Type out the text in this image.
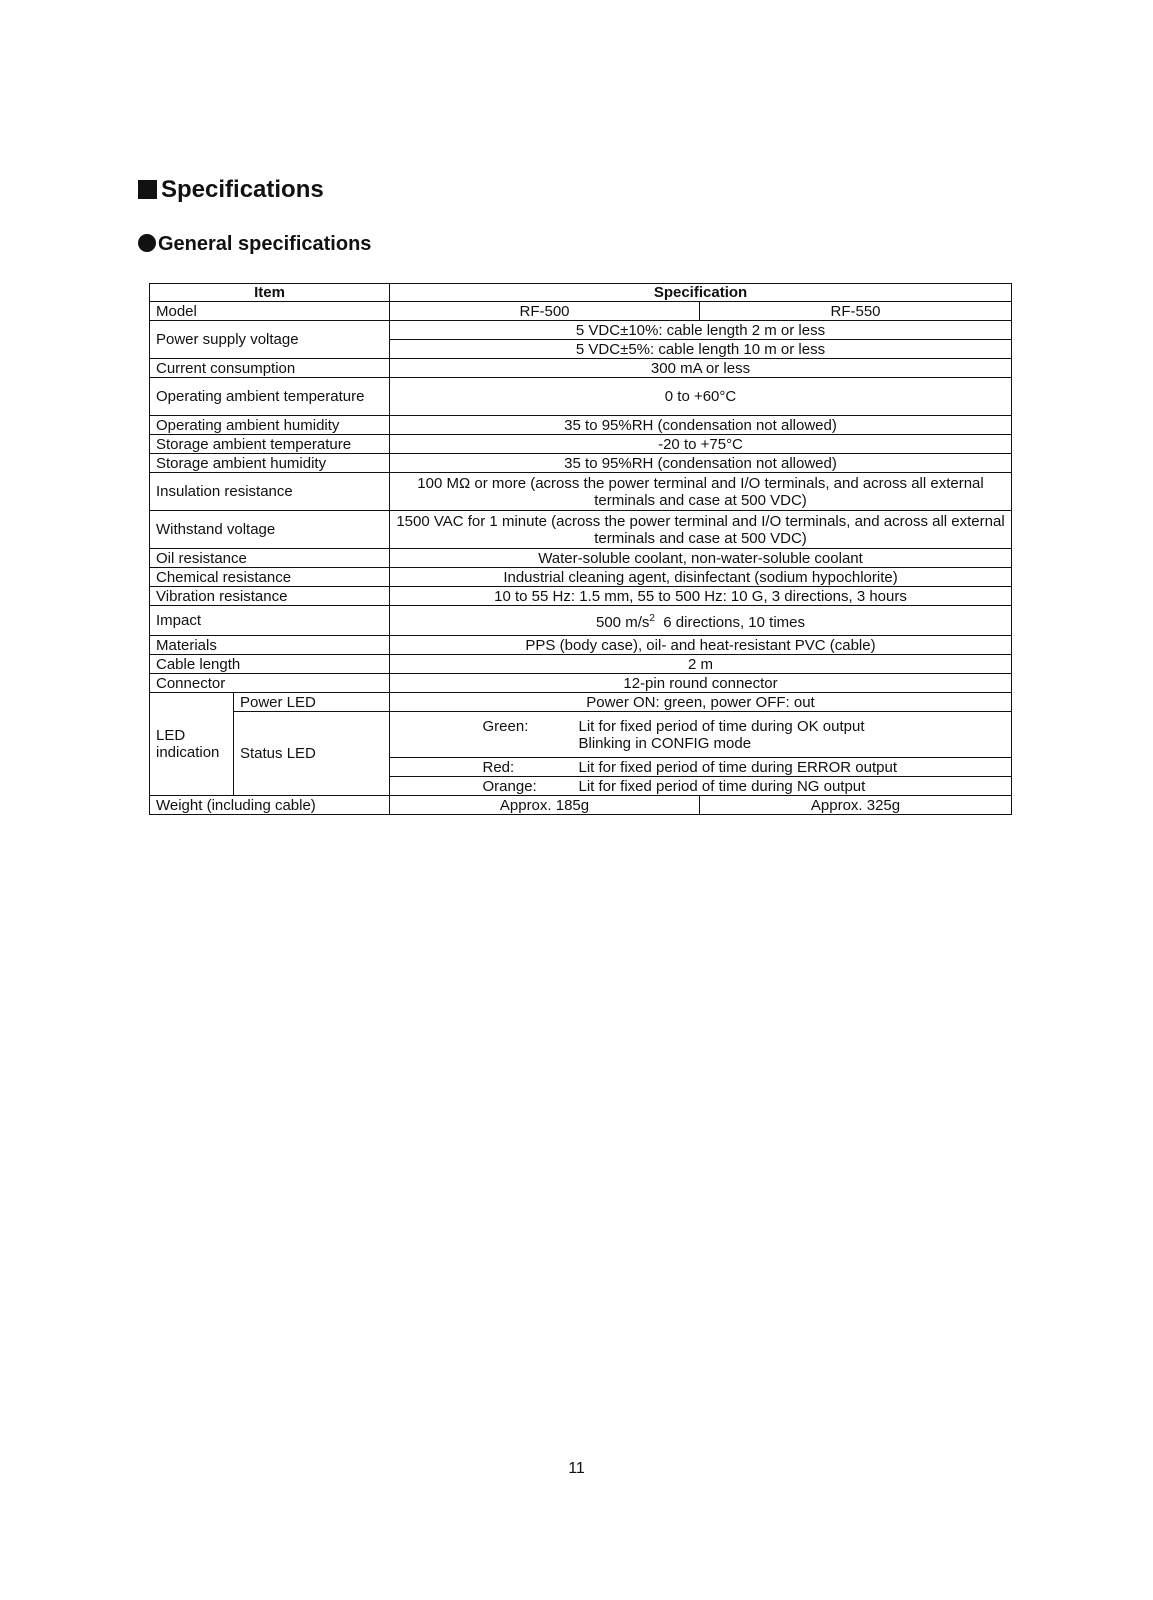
Specifications
General specifications
Item		Specification	
Model		RF-500	RF-550
Power supply voltage		5 VDC±10%: cable length 2 m or less	
		5 VDC±5%: cable length 10 m or less	
Current consumption		300 mA or less	
Operating ambient temperature		0 to +60°C	
Operating ambient humidity		35 to 95%RH (condensation not allowed)	
Storage ambient temperature		-20 to +75°C	
Storage ambient humidity		35 to 95%RH (condensation not allowed)	
Insulation resistance		100 MΩ or more (across the power terminal and I/O terminals, and across all external terminals and case at 500 VDC)	
Withstand voltage		1500 VAC for 1 minute (across the power terminal and I/O terminals, and across all external terminals and case at 500 VDC)	
Oil resistance		Water-soluble coolant, non-water-soluble coolant	
Chemical resistance		Industrial cleaning agent, disinfectant (sodium hypochlorite)	
Vibration resistance		10 to 55 Hz: 1.5 mm, 55 to 500 Hz: 10 G, 3 directions, 3 hours	
Impact		500 $m/s^2$ 6 directions, 10 times	
Materials		PPS (body case), oil- and heat-resistant PVC (cable)	
Cable length		2 m	
Connector		12-pin round connector	
LED indication	Power LED	Power ON: green, power OFF: out	
	Status LED	Green: Lit for fixed period of time during OK output Blinking in CONFIG mode	

		Red: Lit for fixed period of time during ERROR output	

		Orange: Lit for fixed period of time during NG output	

Weight (including cable)		Approx. 185g	Approx. 325g
11
